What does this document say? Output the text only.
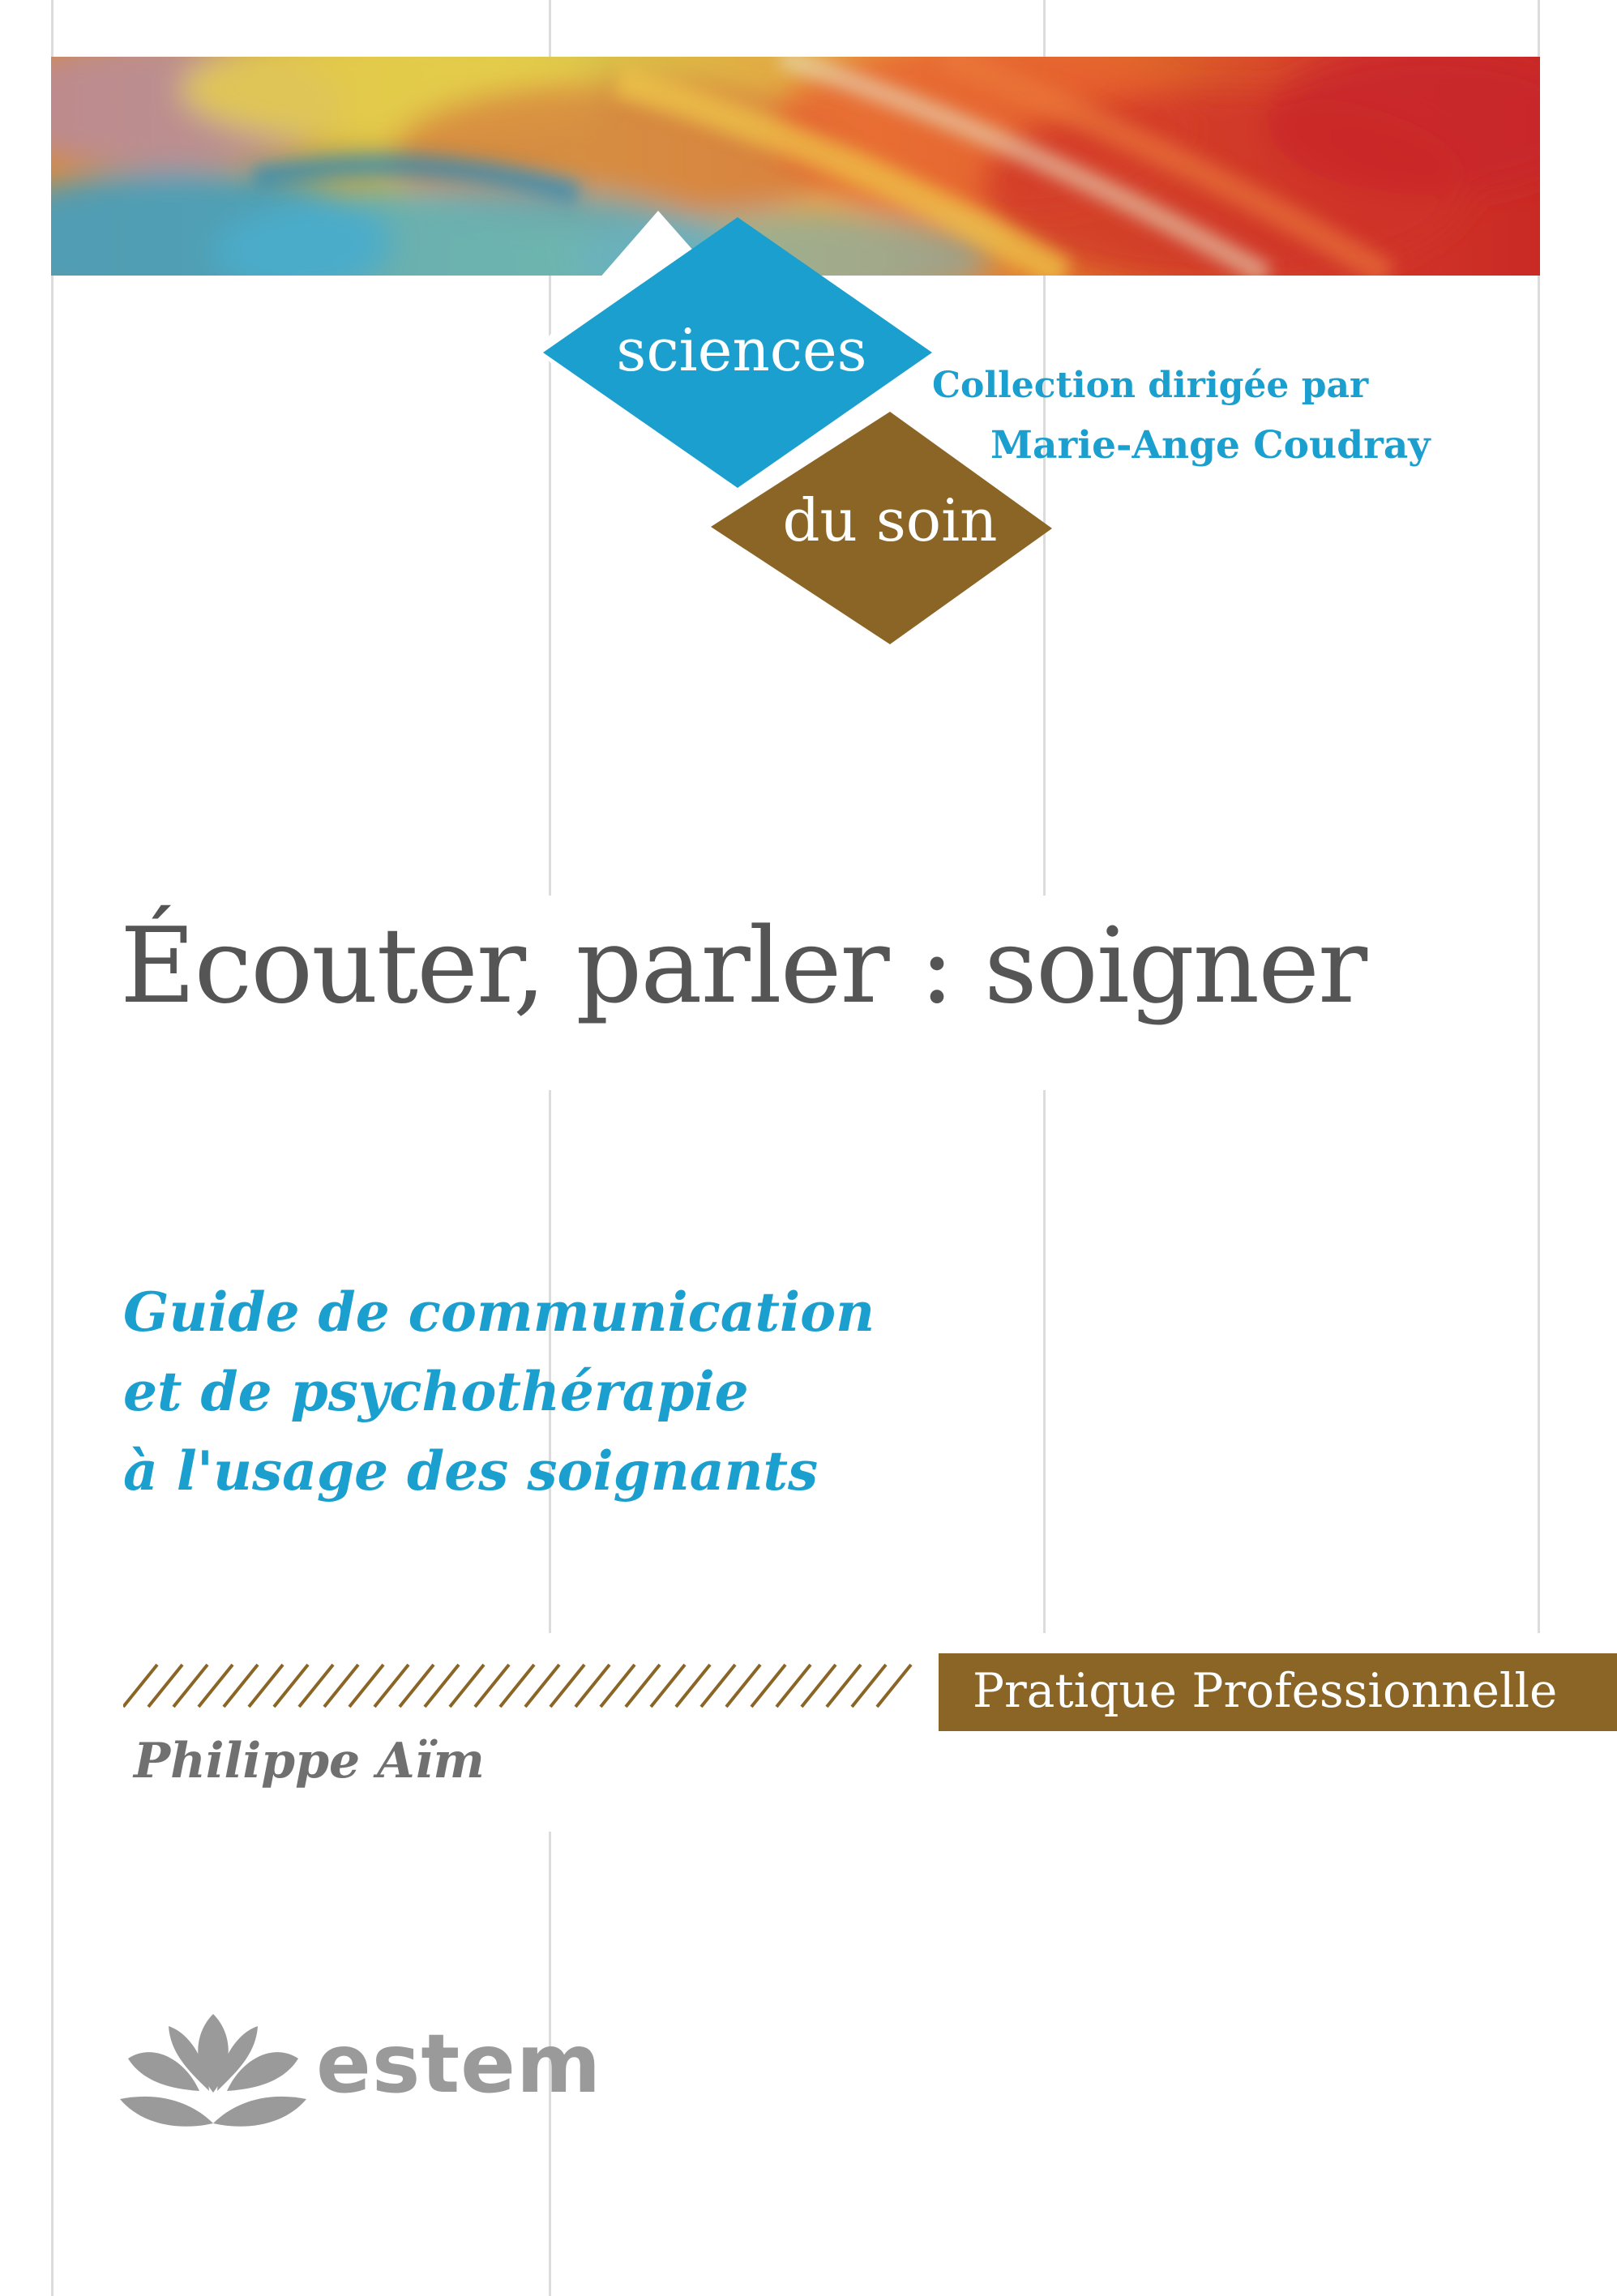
sciences
du soin
Collection dirigée par
Marie-Ange Coudray
Écouter, parler : soigner
Guide de communication
et de psychothérapie
à l'usage des soignants
Pratique Professionnelle
Philippe Aïm
estem
